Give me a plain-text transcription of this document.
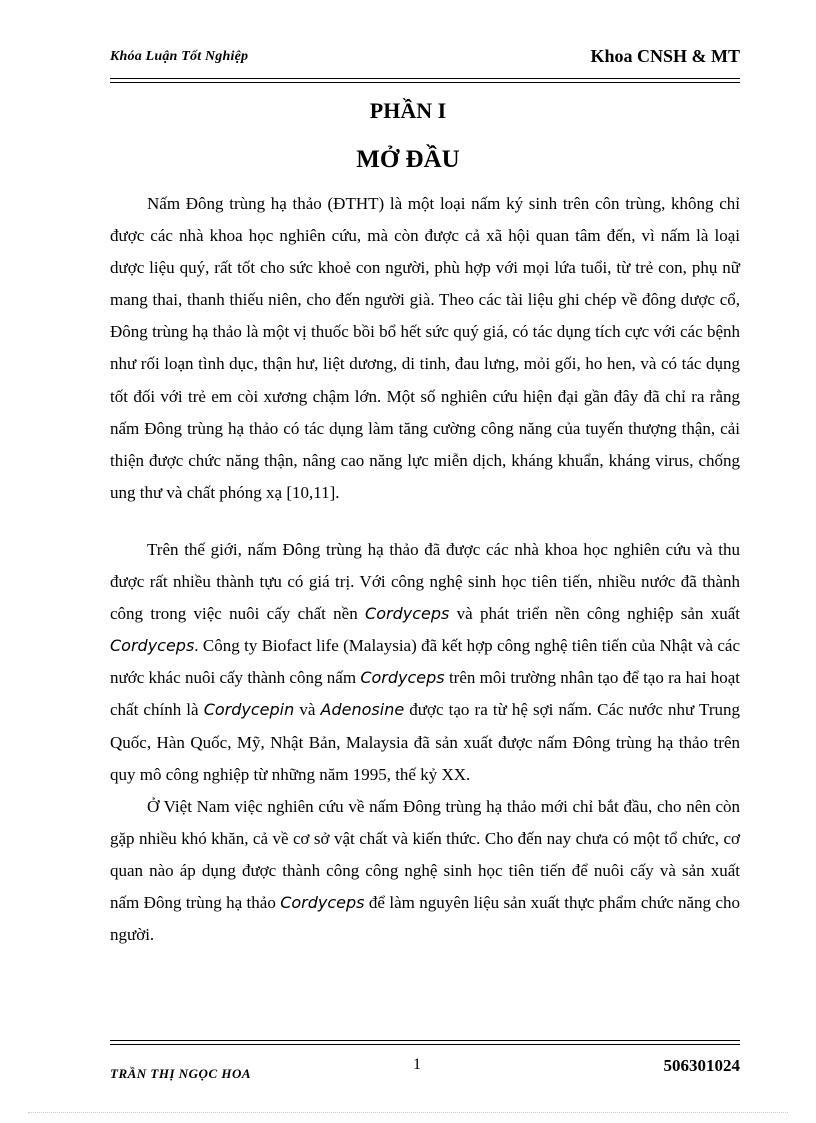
Khóa Luận Tốt Nghiệp	Khoa CNSH & MT
PHẦN I
MỞ ĐẦU

Nấm Đông trùng hạ thảo (ĐTHT) là một loại nấm ký sinh trên côn trùng, không chỉ được các nhà khoa học nghiên cứu, mà còn được cả xã hội quan tâm đến, vì nấm là loại dược liệu quý, rất tốt cho sức khoẻ con người, phù hợp với mọi lứa tuổi, từ trẻ con, phụ nữ mang thai, thanh thiếu niên, cho đến người già. Theo các tài liệu ghi chép về đông dược cổ, Đông trùng hạ thảo là một vị thuốc bồi bổ hết sức quý giá, có tác dụng tích cực với các bệnh như rối loạn tình dục, thận hư, liệt dương, di tinh, đau lưng, mỏi gối, ho hen, và có tác dụng tốt đối với trẻ em còi xương chậm lớn. Một số nghiên cứu hiện đại gần đây đã chỉ ra rằng nấm Đông trùng hạ thảo có tác dụng làm tăng cường công năng của tuyến thượng thận, cải thiện được chức năng thận, nâng cao năng lực miễn dịch, kháng khuẩn, kháng virus, chống ung thư và chất phóng xạ [10,11].

Trên thế giới, nấm Đông trùng hạ thảo đã được các nhà khoa học nghiên cứu và thu được rất nhiều thành tựu có giá trị. Với công nghệ sinh học tiên tiến, nhiều nước đã thành công trong việc nuôi cấy chất nền Cordyceps và phát triển nền công nghiệp sản xuất Cordyceps. Công ty Biofact life (Malaysia) đã kết hợp công nghệ tiên tiến của Nhật và các nước khác nuôi cấy thành công nấm Cordyceps trên môi trường nhân tạo để tạo ra hai hoạt chất chính là Cordycepin và Adenosine được tạo ra từ hệ sợi nấm. Các nước như Trung Quốc, Hàn Quốc, Mỹ, Nhật Bản, Malaysia đã sản xuất được nấm Đông trùng hạ thảo trên quy mô công nghiệp từ những năm 1995, thế kỷ XX.

Ở Việt Nam việc nghiên cứu về nấm Đông trùng hạ thảo mới chỉ bắt đầu, cho nên còn gặp nhiều khó khăn, cả về cơ sở vật chất và kiến thức. Cho đến nay chưa có một tổ chức, cơ quan nào áp dụng được thành công công nghệ sinh học tiên tiến để nuôi cấy và sản xuất nấm Đông trùng hạ thảo Cordyceps để làm nguyên liệu sản xuất thực phẩm chức năng cho người.

TRẦN THỊ NGỌC HOA
1	506301024
